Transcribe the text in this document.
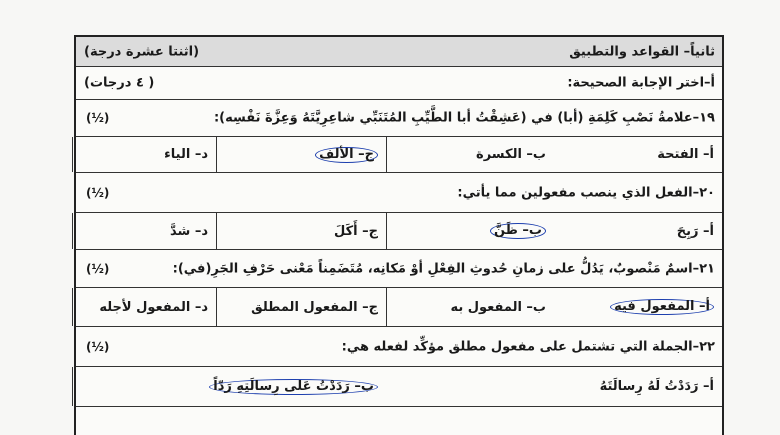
ثانياً– القواعد والتطبيق
(اثنتا عشرة درجة)
أ–اختر الإجابة الصحيحة:
( ٤ درجات)
١٩–علامةُ نَصْبِ كَلِمَةِ (أبا) في (عَشِقْتُ أبا الطَّيِّبِ المُتَنَبِّي شاعِرِيَّتَهُ وَعِزَّةَ نَفْسِه):
(½)
أ– الفتحة
ب– الكسرة
ج– الألف
د– الياء
٢٠–الفعل الذي ينصب مفعولين مما يأتي:
(½)
أ– رَبِحَ
ب– ظَنَّ
ج– أَكَلَ
د– شدَّ
٢١–اسمٌ مَنْصوبٌ، يَدُلُّ على زمانِ حُدوثِ الفِعْلِ أوْ مَكانِه، مُتَضَمِناً مَعْنى حَرْفِ الجَرِ(في):
(½)
أ– المفعول فيه
ب– المفعول به
ج– المفعول المطلق
د– المفعول لأجله
٢٢–الجملة التي تشتمل على مفعول مطلق مؤكِّد لفعله هي:
(½)
أ– رَدَدْتُ لَهُ رِسالَتَهُ
ب– رَدَدْتُ عَلى رِسالَتِهِ رَدّاً
